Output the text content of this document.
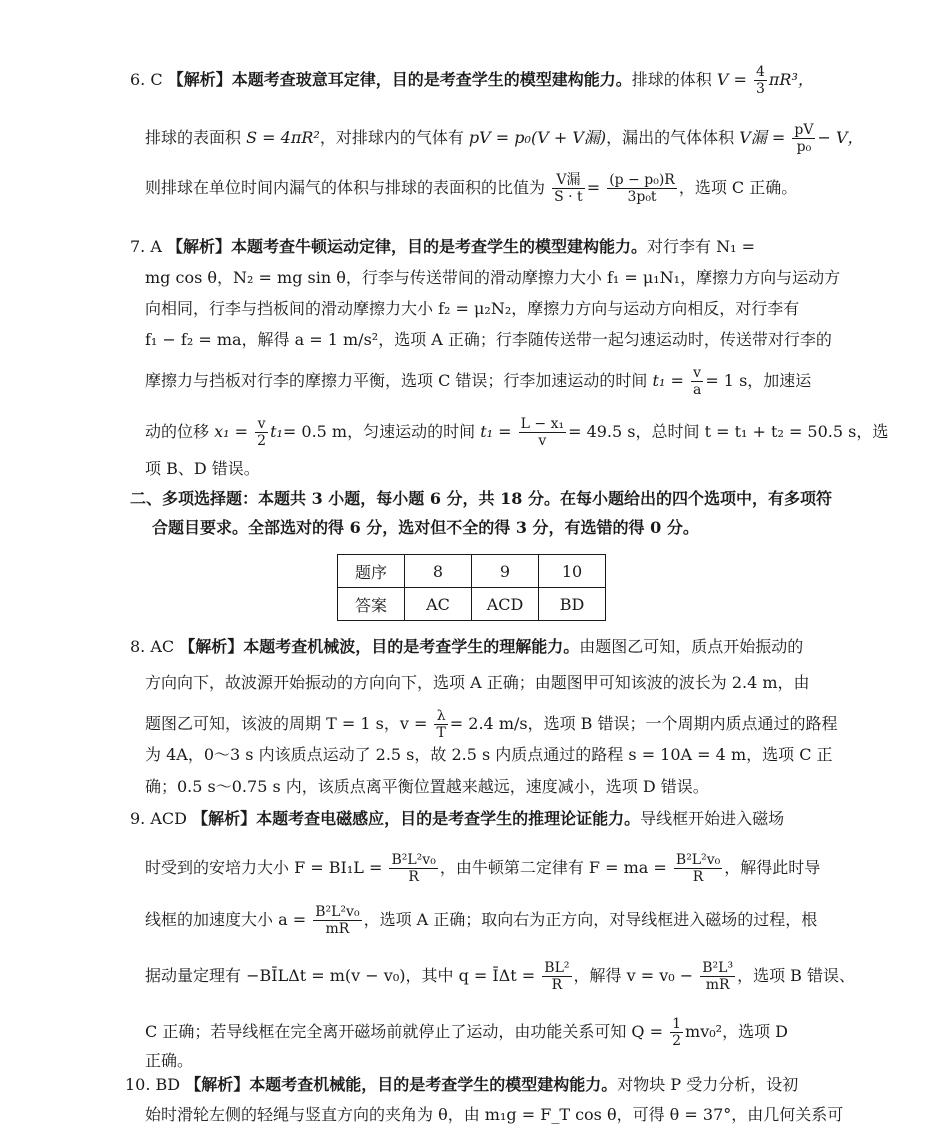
6. C 【解析】本题考查玻意耳定律，目的是考查学生的模型建构能力。排球的体积 $V = \frac{4}{3} \pi R^3$，
排球的表面积 S = 4πR²，对排球内的气体有 pV = p₀(V + V漏)，漏出的气体体积 V漏 = $\frac{pV}{\text{p₀}} - V$，
则排球在单位时间内漏气的体积与排球的表面积的比值为 $\frac{\text{V漏}}{S \cdot t} = \frac{\text{(p − p₀)R}}{\text{3p₀t}}$ ，选项 C 正确。
7. A 【解析】本题考查牛顿运动定律，目的是考查学生的模型建构能力。对行李有 N₁ =
mg cos θ，N₂ = mg sin θ，行李与传送带间的滑动摩擦力大小 f₁ = μ₁N₁，摩擦力方向与运动方
向相同，行李与挡板间的滑动摩擦力大小 f₂ = μ₂N₂，摩擦力方向与运动方向相反，对行李有
f₁ − f₂ = ma，解得 a = 1 m/s²，选项 A 正确；行李随传送带一起匀速运动时，传送带对行李的
摩擦力与挡板对行李的摩擦力平衡，选项 C 错误；行李加速运动的时间 $t_1 = \frac{v}{a} = 1$ s，加速运
动的位移 $x_1 = \frac{v}{2} t_1= 0.5$ m，匀速运动的时间 $t_1 = \frac{\text{L − x₁}}{v} = 49.5$ s，总时间 t = t₁ + t₂ = 50.5 s，选
项 B、D 错误。
二、多项选择题：本题共 3 小题，每小题 6 分，共 18 分。在每小题给出的四个选项中，有多项符
合题目要求。全部选对的得 6 分，选对但不全的得 3 分，有选错的得 0 分。
题序	8	9	10
答案	AC	ACD	BD
8. AC 【解析】本题考查机械波，目的是考查学生的理解能力。由题图乙可知，质点开始振动的
方向向下，故波源开始振动的方向向下，选项 A 正确；由题图甲可知该波的波长为 2.4 m，由
题图乙可知，该波的周期 T = 1 s，$v = \frac{\lambda}{T} = 2.4$ m/s，选项 B 错误；一个周期内质点通过的路程
为 4A，0～3 s 内该质点运动了 2.5 s，故 2.5 s 内质点通过的路程 s = 10A = 4 m，选项 C 正
确；0.5 s～0.75 s 内，该质点离平衡位置越来越远，速度减小，选项 D 错误。
9. ACD 【解析】本题考查电磁感应，目的是考查学生的推理论证能力。导线框开始进入磁场
时受到的安培力大小 $F = BI_1L = \frac{\text{B²L²v₀}}{R}$ ，由牛顿第二定律有 F = ma = $\frac{\text{B²L²v₀}}{R}$ ，解得此时导
线框的加速度大小 $a = \frac{\text{B²L²v₀}}{mR}$ ，选项 A 正确；取向右为正方向，对导线框进入磁场的过程，根
据动量定理有 −BĪLΔt = m(v − v₀)，其中 q = ĪΔt = $\frac{\text{BL²}}{R}$ ，解得 $v = v_0 - \frac{\text{B²L³}}{mR}$ ，选项 B 错误、
C 正确；若导线框在完全离开磁场前就停止了运动，由功能关系可知 $Q = \frac{1}{2} mv_0^2$，选项 D
正确。
10. BD 【解析】本题考查机械能，目的是考查学生的模型建构能力。对物块 P 受力分析，设初
始时滑轮左侧的轻绳与竖直方向的夹角为 θ，由 m₁g = F_T cos θ，可得 θ = 37°，由几何关系可
